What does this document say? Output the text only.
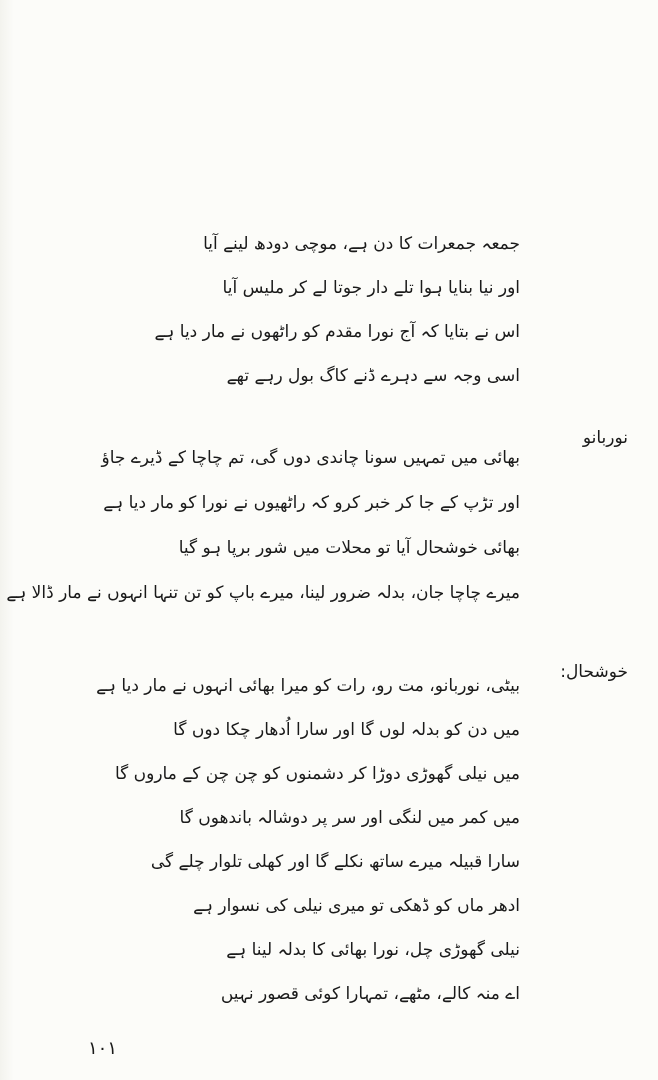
جمعہ جمعرات کا دن ہے، موچی دودھ لینے آیا
اور نیا بنایا ہوا تلے دار جوتا لے کر ملیس آیا
اس نے بتایا کہ آج نورا مقدم کو راٹھوں نے مار دیا ہے
اسی وجہ سے دہرے ڈنے کاگ بول رہے تھے
نوربانو
بھائی میں تمہیں سونا چاندی دوں گی، تم چاچا کے ڈیرے جاؤ
اور تڑپ کے جا کر خبر کرو کہ راٹھیوں نے نورا کو مار دیا ہے
بھائی خوشحال آیا تو محلات میں شور برپا ہو گیا
میرے چاچا جان، بدلہ ضرور لینا، میرے باپ کو تن تنہا انہوں نے مار ڈالا ہے
خوشحال:
بیٹی، نوربانو، مت رو، رات کو میرا بھائی انہوں نے مار دیا ہے
میں دن کو بدلہ لوں گا اور سارا اُدھار چکا دوں گا
میں نیلی گھوڑی دوڑا کر دشمنوں کو چن چن کے ماروں گا
میں کمر میں لنگی اور سر پر دوشالہ باندھوں گا
سارا قبیلہ میرے ساتھ نکلے گا اور کھلی تلوار چلے گی
ادھر ماں کو ڈھکی تو میری نیلی کی نسوار ہے
نیلی گھوڑی چل، نورا بھائی کا بدلہ لینا ہے
اے منہ کالے، مٹھے، تمہارا کوئی قصور نہیں
١٠١
